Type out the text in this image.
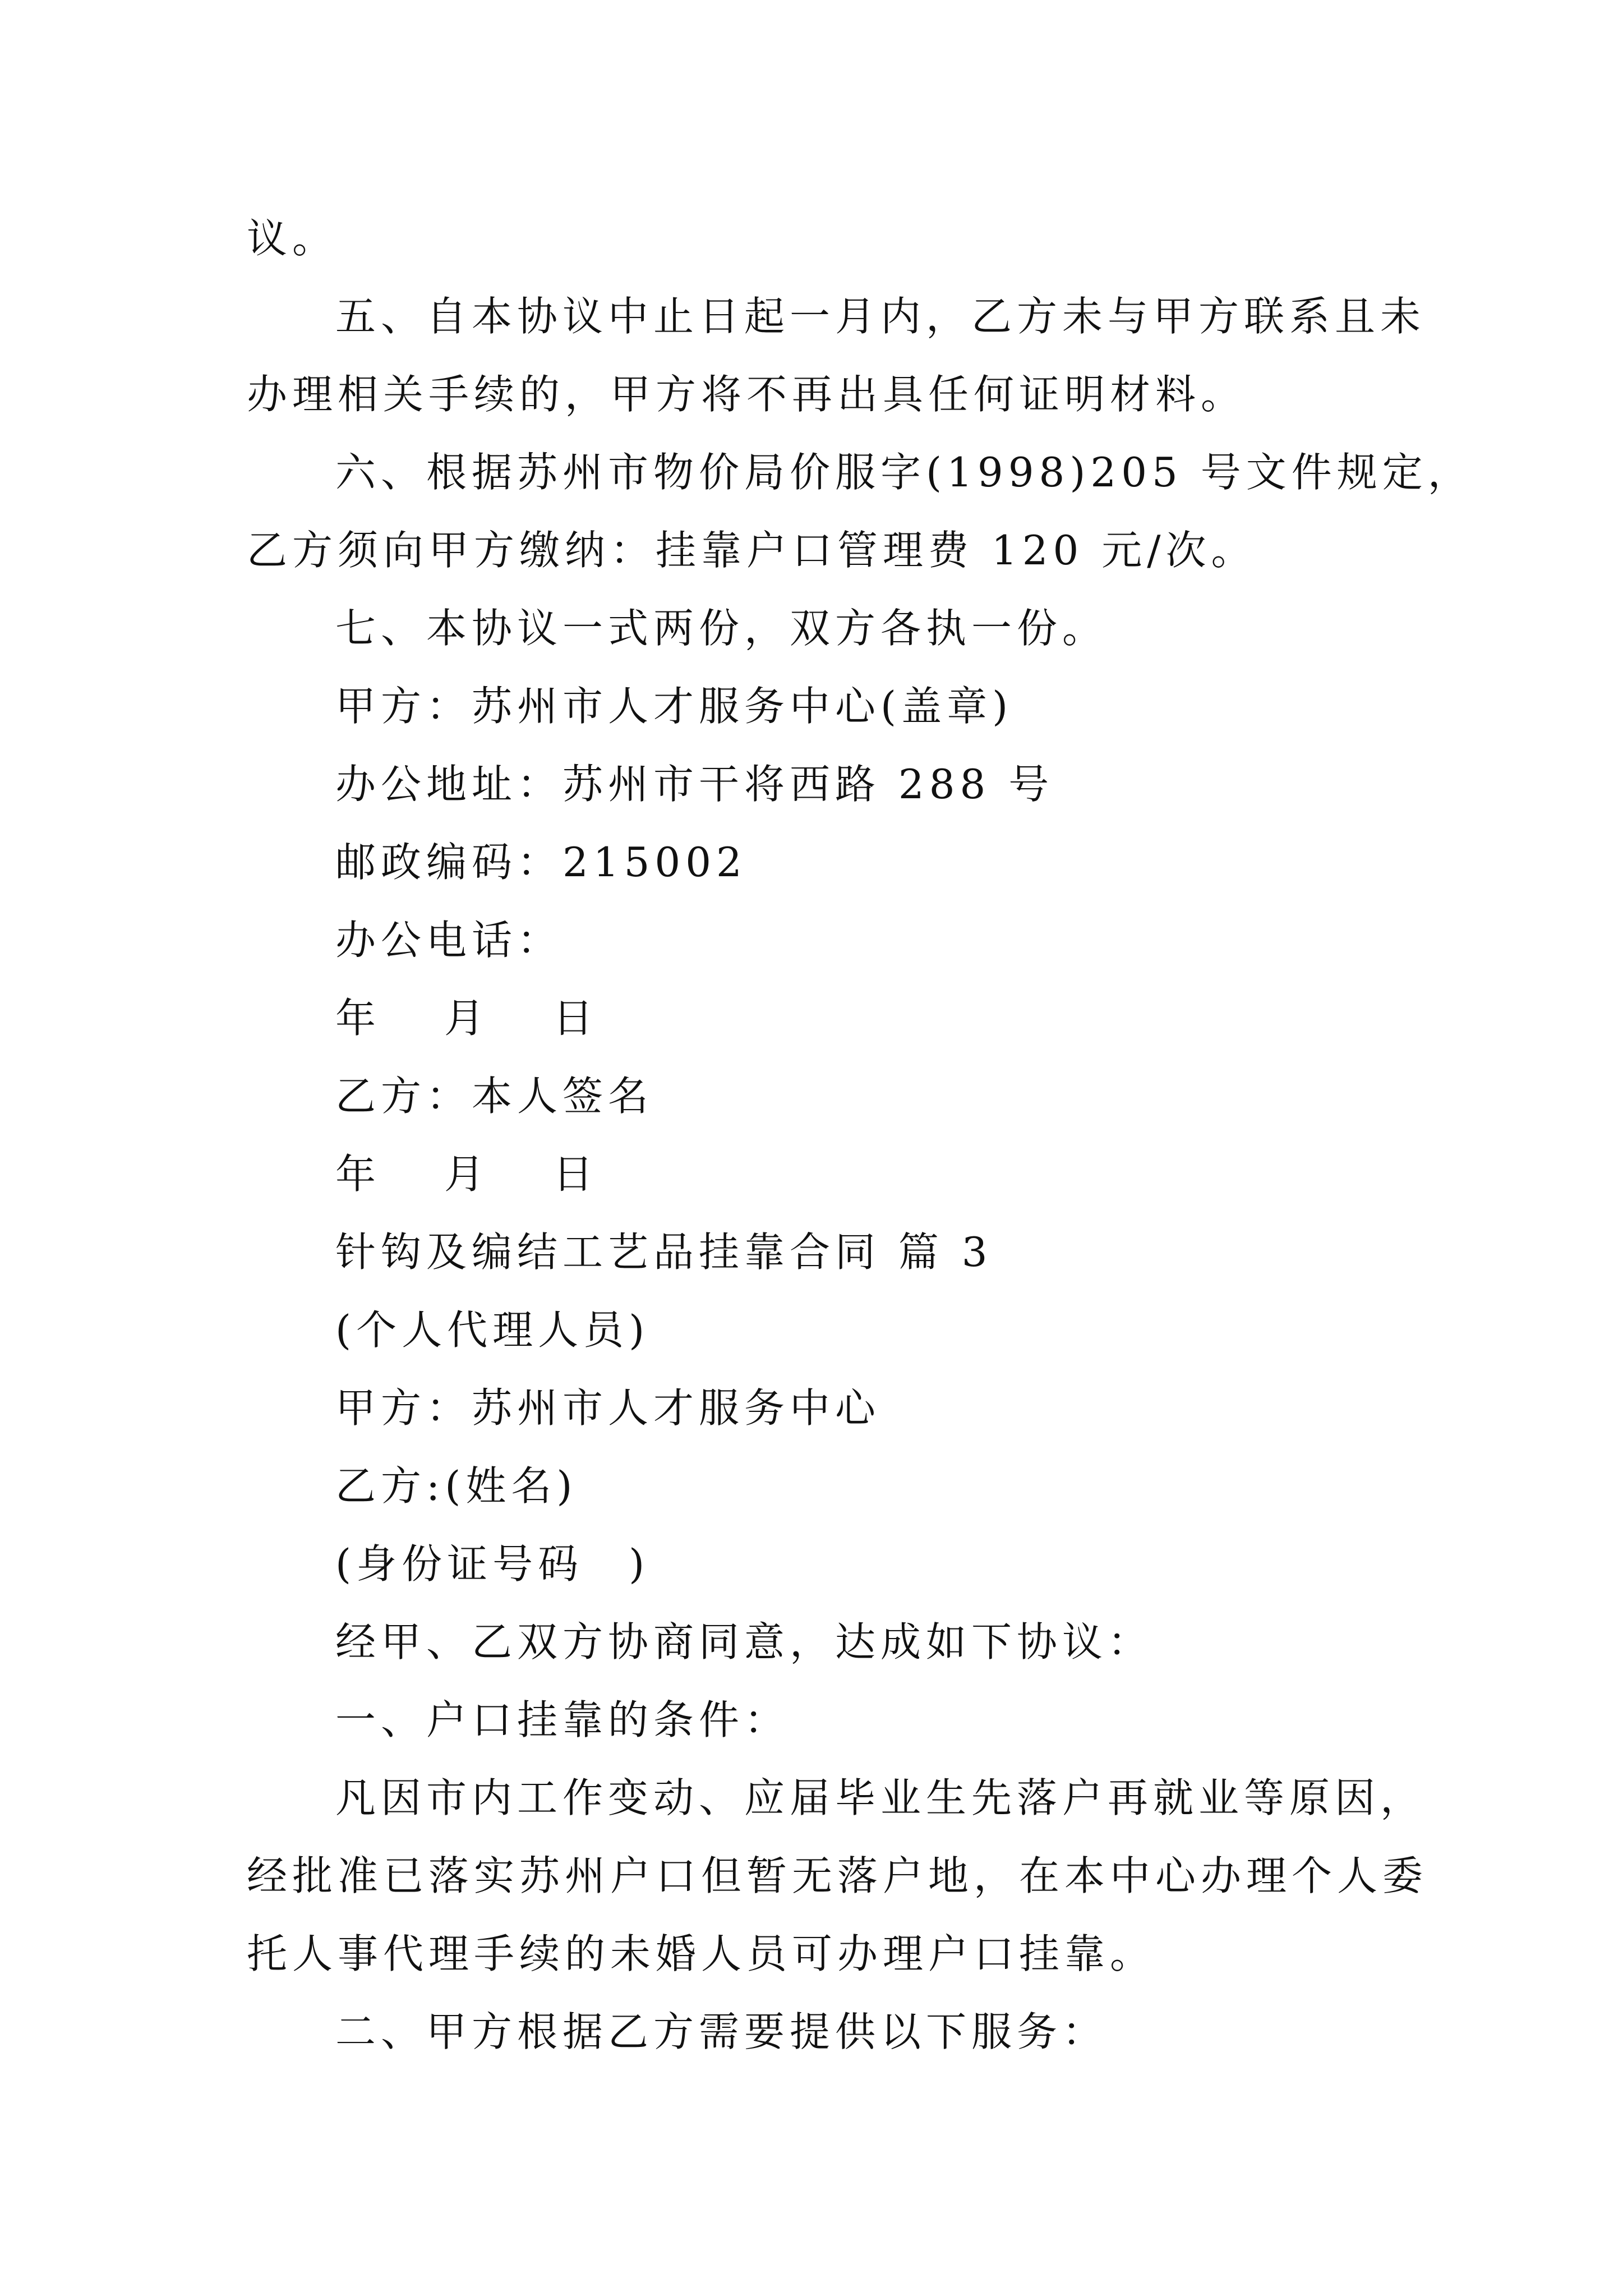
议。
五、自本协议中止日起一月内，乙方未与甲方联系且未
办理相关手续的，甲方将不再出具任何证明材料。
六、根据苏州市物价局价服字(1998)205 号文件规定，
乙方须向甲方缴纳：挂靠户口管理费 120 元/次。
七、本协议一式两份，双方各执一份。
甲方：苏州市人才服务中心(盖章)
办公地址：苏州市干将西路 288 号
邮政编码：215002
办公电话：
年　 月　 日
乙方：本人签名
年　 月　 日
针钩及编结工艺品挂靠合同 篇 3
(个人代理人员)
甲方：苏州市人才服务中心
乙方:(姓名)
(身份证号码　)
经甲、乙双方协商同意，达成如下协议：
一、户口挂靠的条件：
凡因市内工作变动、应届毕业生先落户再就业等原因，
经批准已落实苏州户口但暂无落户地，在本中心办理个人委
托人事代理手续的未婚人员可办理户口挂靠。
二、甲方根据乙方需要提供以下服务：
